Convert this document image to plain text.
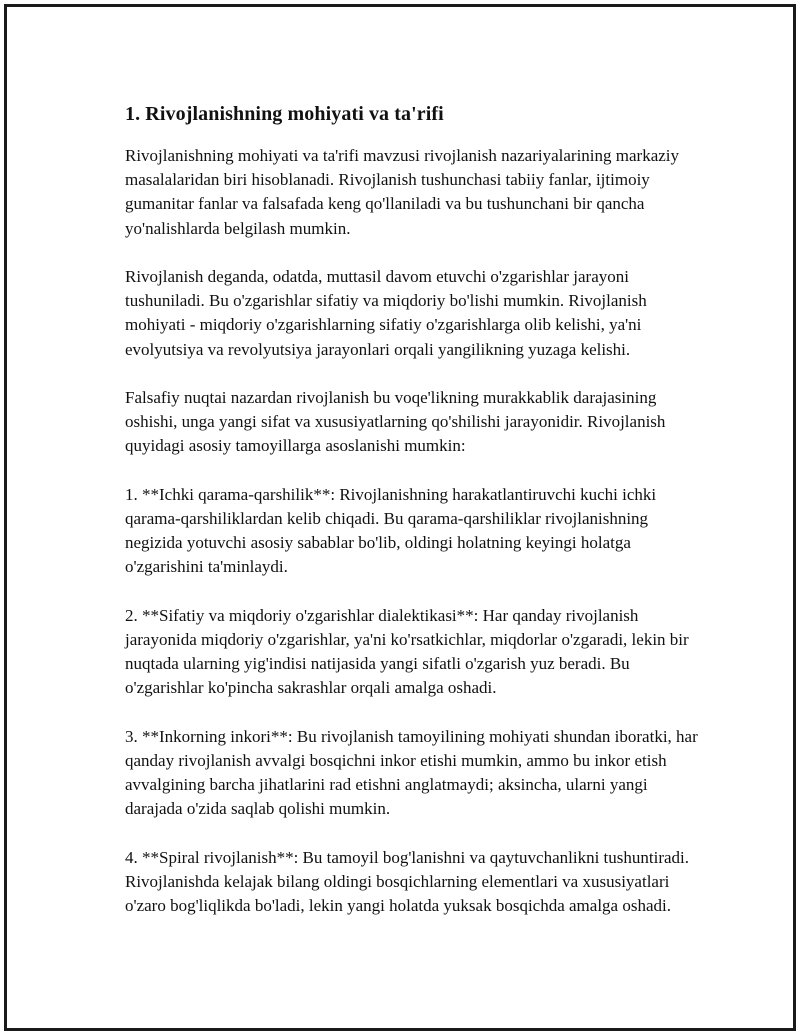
1. Rivojlanishning mohiyati va ta'rifi

Rivojlanishning mohiyati va ta'rifi mavzusi rivojlanish nazariyalarining markaziy masalalaridan biri hisoblanadi. Rivojlanish tushunchasi tabiiy fanlar, ijtimoiy gumanitar fanlar va falsafada keng qo'llaniladi va bu tushunchani bir qancha yo'nalishlarda belgilash mumkin.

Rivojlanish deganda, odatda, muttasil davom etuvchi o'zgarishlar jarayoni tushuniladi. Bu o'zgarishlar sifatiy va miqdoriy bo'lishi mumkin. Rivojlanish mohiyati - miqdoriy o'zgarishlarning sifatiy o'zgarishlarga olib kelishi, ya'ni evolyutsiya va revolyutsiya jarayonlari orqali yangilikning yuzaga kelishi.

Falsafiy nuqtai nazardan rivojlanish bu voqe'likning murakkablik darajasining oshishi, unga yangi sifat va xususiyatlarning qo'shilishi jarayonidir. Rivojlanish quyidagi asosiy tamoyillarga asoslanishi mumkin:

1. **Ichki qarama-qarshilik**: Rivojlanishning harakatlantiruvchi kuchi ichki qarama-qarshiliklardan kelib chiqadi. Bu qarama-qarshiliklar rivojlanishning negizida yotuvchi asosiy sabablar bo'lib, oldingi holatning keyingi holatga o'zgarishini ta'minlaydi.

2. **Sifatiy va miqdoriy o'zgarishlar dialektikasi**: Har qanday rivojlanish jarayonida miqdoriy o'zgarishlar, ya'ni ko'rsatkichlar, miqdorlar o'zgaradi, lekin bir nuqtada ularning yig'indisi natijasida yangi sifatli o'zgarish yuz beradi. Bu o'zgarishlar ko'pincha sakrashlar orqali amalga oshadi.

3. **Inkorning inkori**: Bu rivojlanish tamoyilining mohiyati shundan iboratki, har qanday rivojlanish avvalgi bosqichni inkor etishi mumkin, ammo bu inkor etish avvalgining barcha jihatlarini rad etishni anglatmaydi; aksincha, ularni yangi darajada o'zida saqlab qolishi mumkin.

4. **Spiral rivojlanish**: Bu tamoyil bog'lanishni va qaytuvchanlikni tushuntiradi. Rivojlanishda kelajak bilang oldingi bosqichlarning elementlari va xususiyatlari o'zaro bog'liqlikda bo'ladi, lekin yangi holatda yuksak bosqichda amalga oshadi.
